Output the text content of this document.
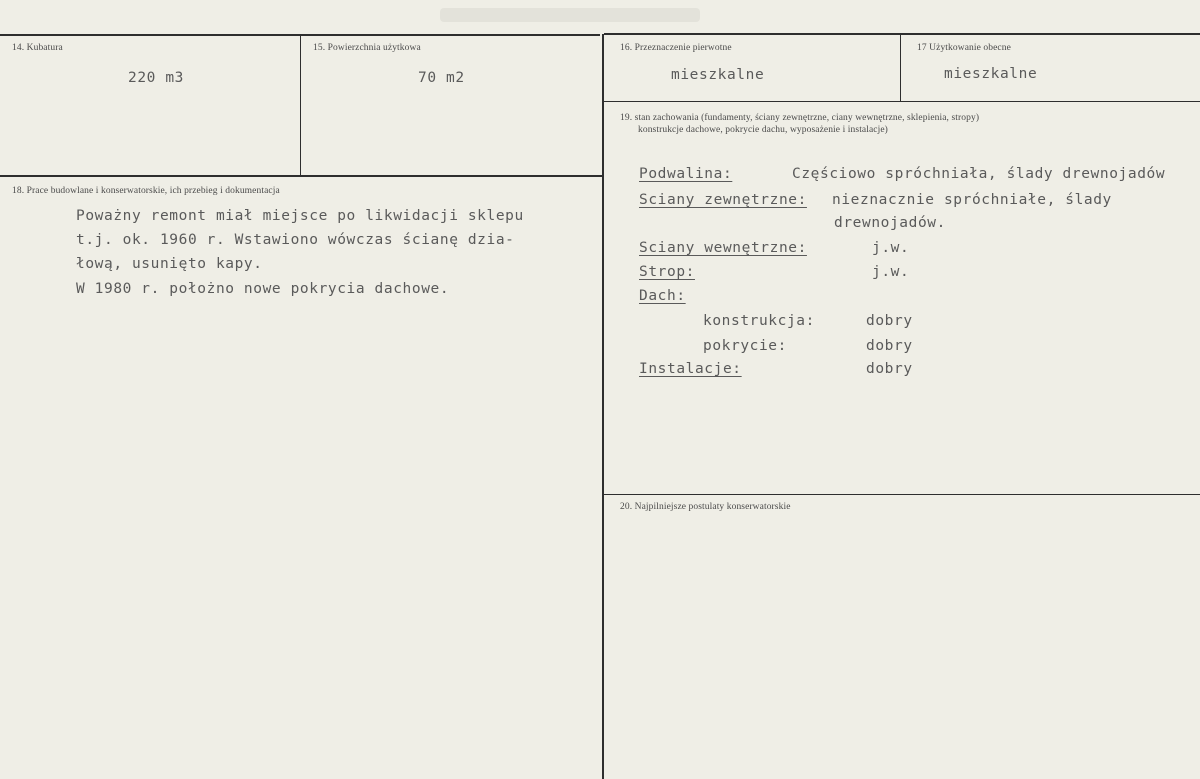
14. Kubatura
220 m3
15. Powierzchnia użytkowa
70 m2
16. Przeznaczenie pierwotne
mieszkalne
17 Użytkowanie obecne
mieszkalne
19. stan zachowania (fundamenty, ściany zewnętrzne, ciany wewnętrzne, sklepienia, stropy)
konstrukcje dachowe, pokrycie dachu, wyposażenie i instalacje)
Podwalina:	Częściowo spróchniała, ślady drewnojadów
Sciany zewnętrzne: nieznacznie spróchniałe, ślady
drewnojadów.
Sciany wewnętrzne:	j.w.
Strop:	j.w.
Dach:
konstrukcja:	dobry
pokrycie:	dobry
Instalacje:	dobry
18. Prace budowlane i konserwatorskie, ich przebieg i dokumentacja
Poważny remont miał miejsce po likwidacji sklepu
t.j. ok. 1960 r. Wstawiono wówczas ścianę dzia-
łową, usunięto kapy.
W 1980 r. położno nowe pokrycia dachowe.
20. Najpilniejsze postulaty konserwatorskie
